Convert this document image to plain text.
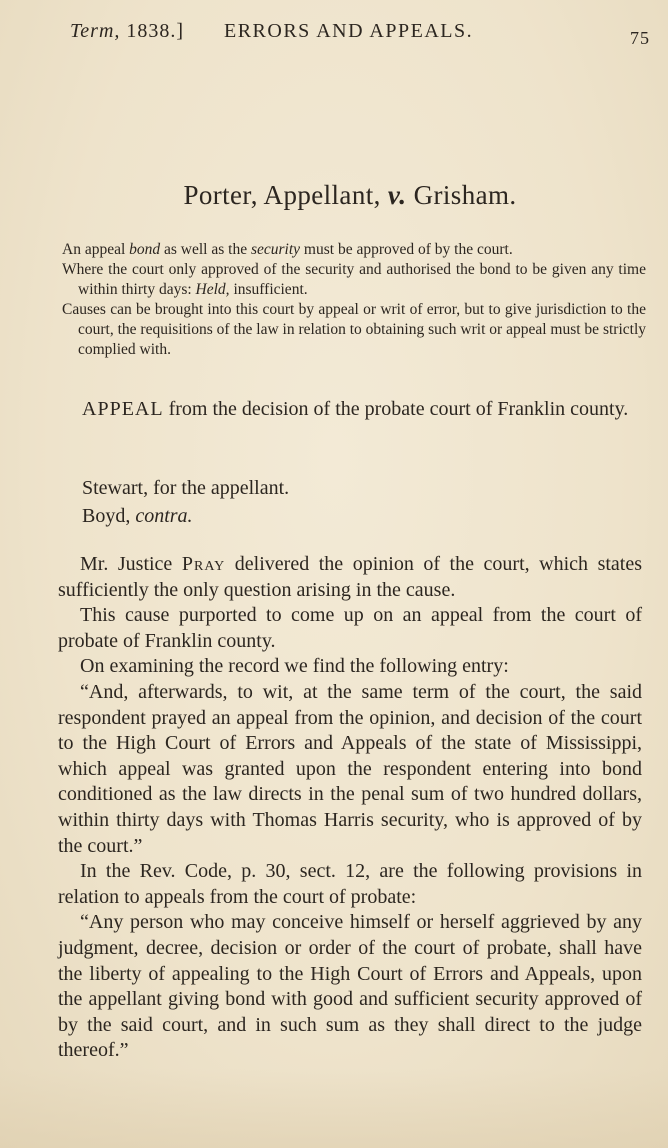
Term, 1838.] ERRORS AND APPEALS.	75
Porter, Appellant, v. Grisham.

An appeal bond as well as the security must be approved of by the court.

Where the court only approved of the security and authorised the bond to be given any time within thirty days: Held, insufficient.

Causes can be brought into this court by appeal or writ of error, but to give jurisdiction to the court, the requisitions of the law in relation to obtaining such writ or appeal must be strictly complied with.

APPEAL from the decision of the probate court of Franklin county.

Stewart, for the appellant.

Boyd, contra.

Mr. Justice Pray delivered the opinion of the court, which states sufficiently the only question arising in the cause.

This cause purported to come up on an appeal from the court of probate of Franklin county.

On examining the record we find the following entry:

“And, afterwards, to wit, at the same term of the court, the said respondent prayed an appeal from the opinion, and decision of the court to the High Court of Errors and Appeals of the state of Mississippi, which appeal was granted upon the respondent entering into bond conditioned as the law directs in the penal sum of two hundred dollars, within thirty days with Thomas Harris security, who is approved of by the court.”

In the Rev. Code, p. 30, sect. 12, are the following provisions in relation to appeals from the court of probate:

“Any person who may conceive himself or herself aggrieved by any judgment, decree, decision or order of the court of probate, shall have the liberty of appealing to the High Court of Errors and Appeals, upon the appellant giving bond with good and sufficient security approved of by the said court, and in such sum as they shall direct to the judge thereof.”
